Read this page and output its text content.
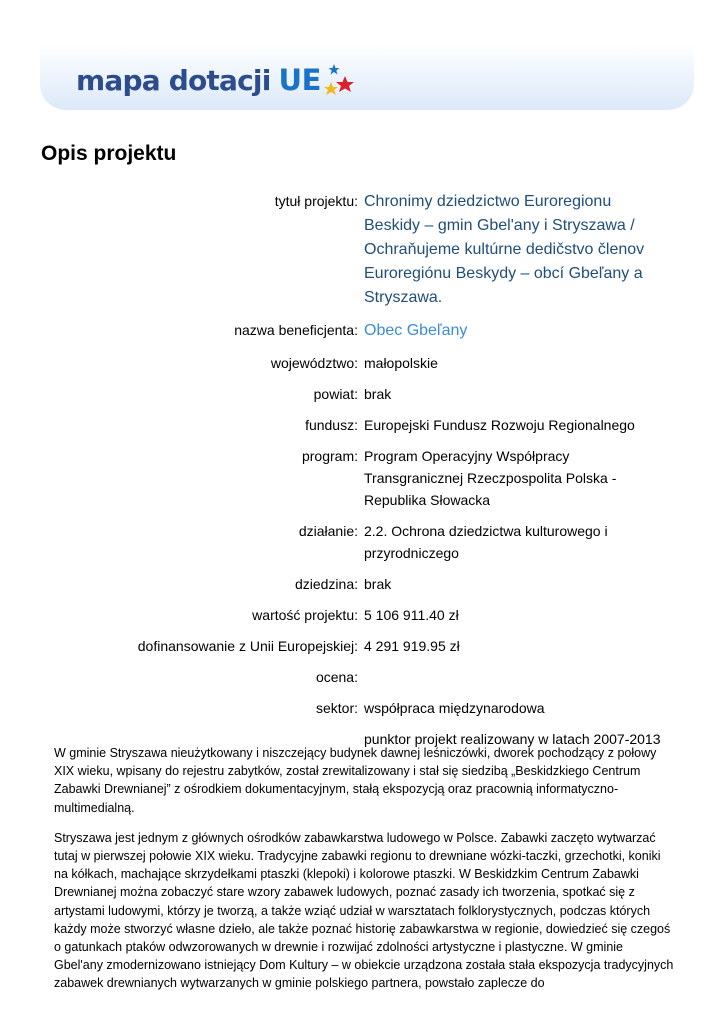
mapa dotacji UE
Opis projektu
tytuł projektu: Chronimy dziedzictwo Euroregionu Beskidy – gmin Gbel'any i Stryszawa / Ochraňujeme kultúrne dedičstvo členov Euroregiónu Beskydy – obcí Gbeľany a Stryszawa.
nazwa beneficjenta: Obec Gbeľany
województwo: małopolskie
powiat: brak
fundusz: Europejski Fundusz Rozwoju Regionalnego
program: Program Operacyjny Współpracy Transgranicznej Rzeczpospolita Polska - Republika Słowacka
działanie: 2.2. Ochrona dziedzictwa kulturowego i przyrodniczego
dziedzina: brak
wartość projektu: 5 106 911.40 zł
dofinansowanie z Unii Europejskiej: 4 291 919.95 zł
ocena:
sektor: współpraca międzynarodowa
punktor projekt realizowany w latach 2007-2013

W gminie Stryszawa nieużytkowany i niszczejący budynek dawnej leśniczówki, dworek pochodzący z połowy XIX wieku, wpisany do rejestru zabytków, został zrewitalizowany i stał się siedzibą „Beskidzkiego Centrum Zabawki Drewnianej” z ośrodkiem dokumentacyjnym, stałą ekspozycją oraz pracownią informatyczno-multimedialną.

Stryszawa jest jednym z głównych ośrodków zabawkarstwa ludowego w Polsce. Zabawki zaczęto wytwarzać tutaj w pierwszej połowie XIX wieku. Tradycyjne zabawki regionu to drewniane wózki-taczki, grzechotki, koniki na kółkach, machające skrzydełkami ptaszki (klepoki) i kolorowe ptaszki. W Beskidzkim Centrum Zabawki Drewnianej można zobaczyć stare wzory zabawek ludowych, poznać zasady ich tworzenia, spotkać się z artystami ludowymi, którzy je tworzą, a także wziąć udział w warsztatach folklorystycznych, podczas których każdy może stworzyć własne dzieło, ale także poznać historię zabawkarstwa w regionie, dowiedzieć się czegoś o gatunkach ptaków odwzorowanych w drewnie i rozwijać zdolności artystyczne i plastyczne. W gminie Gbel'any zmodernizowano istniejący Dom Kultury – w obiekcie urządzona została stała ekspozycja tradycyjnych zabawek drewnianych wytwarzanych w gminie polskiego partnera, powstało zaplecze do
